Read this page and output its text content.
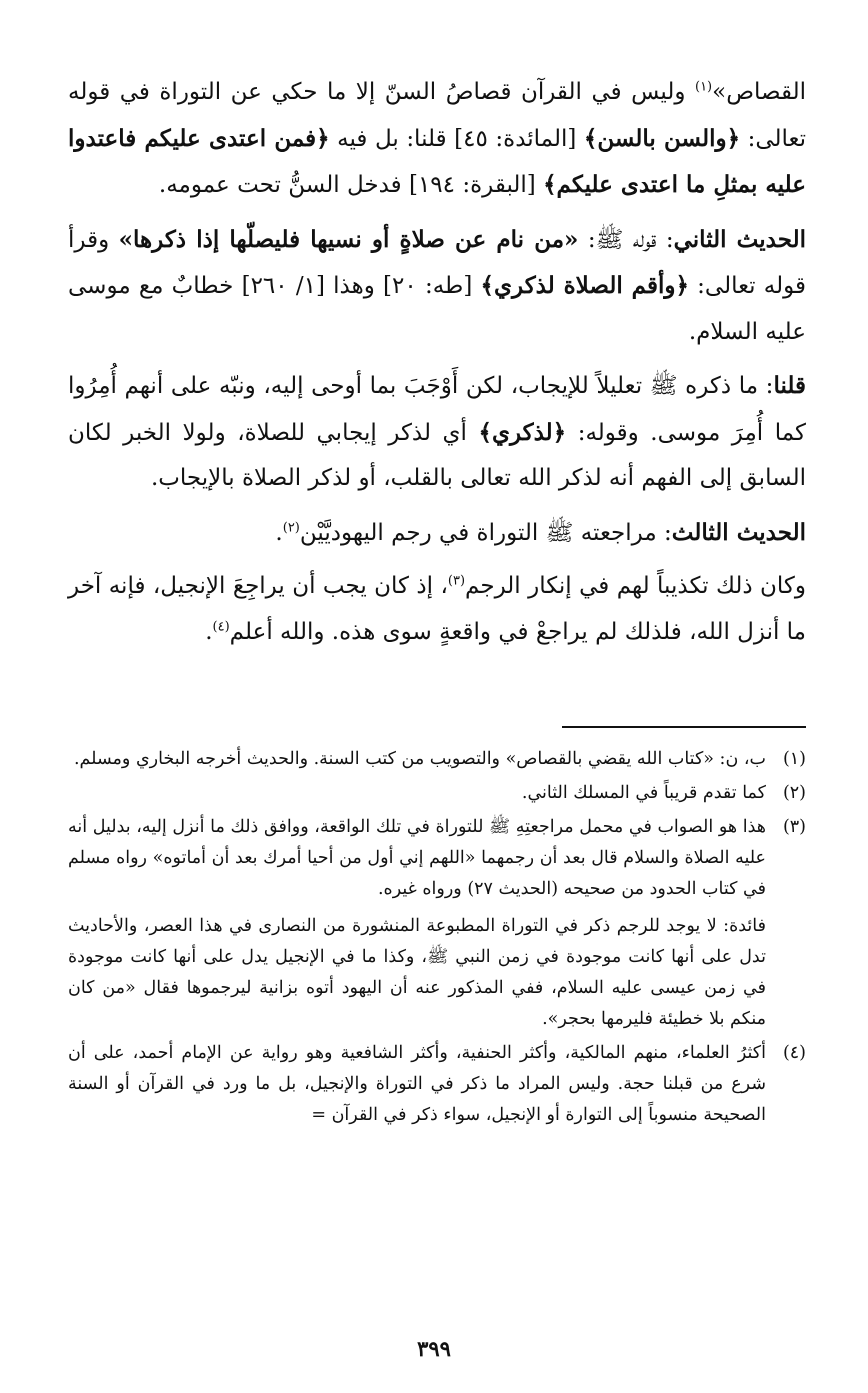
القصاص»$^{(١)}$ وليس في القرآن قصاصُ السنّ إلا ما حكي عن التوراة في قوله تعالى: ﴿والسن بالسن﴾ [المائدة: ٤٥] قلنا: بل فيه ﴿فمن اعتدى عليكم فاعتدوا عليه بمثلِ ما اعتدى عليكم﴾ [البقرة: ١٩٤] فدخل السنُّ تحت عمومه.

الحديث الثاني: قوله ﷺ: «من نام عن صلاةٍ أو نسيها فليصلّها إذا ذكرها» وقرأ قوله تعالى: ﴿وأقم الصلاة لذكري﴾ [طه: ٢٠] وهذا [١/ ٢٦٠] خطابٌ مع موسى عليه السلام.

قلنا: ما ذكره ﷺ تعليلاً للإيجاب، لكن أَوْجَبَ بما أوحى إليه، ونبّه على أنهم أُمِرُوا كما أُمِرَ موسى. وقوله: ﴿لذكري﴾ أي لذكر إيجابي للصلاة، ولولا الخبر لكان السابق إلى الفهم أنه لذكر الله تعالى بالقلب، أو لذكر الصلاة بالإيجاب.

الحديث الثالث: مراجعته ﷺ التوراة في رجم اليهوديَّيْن$^{(٢)}$.

وكان ذلك تكذيباً لهم في إنكار الرجم$^{(٣)}$، إذ كان يجب أن يراجِعَ الإنجيل، فإنه آخر ما أنزل الله، فلذلك لم يراجعْ في واقعةٍ سوى هذه. والله أعلم$^{(٤)}$.

(١)

ب، ن: «كتاب الله يقضي بالقصاص» والتصويب من كتب السنة. والحديث أخرجه البخاري ومسلم.

(٢)

كما تقدم قريباً في المسلك الثاني.

(٣)

هذا هو الصواب في محمل مراجعتِهِ ﷺ للتوراة في تلك الواقعة، ووافق ذلك ما أنزل إليه، بدليل أنه عليه الصلاة والسلام قال بعد أن رجمهما «اللهم إني أول من أحيا أمرك بعد أن أماتوه» رواه مسلم في كتاب الحدود من صحيحه (الحديث ٢٧) ورواه غيره.

فائدة: لا يوجد للرجم ذكر في التوراة المطبوعة المنشورة من النصارى في هذا العصر، والأحاديث تدل على أنها كانت موجودة في زمن النبي ﷺ، وكذا ما في الإنجيل يدل على أنها كانت موجودة في زمن عيسى عليه السلام، ففي المذكور عنه أن اليهود أتوه بزانية ليرجموها فقال «من كان منكم بلا خطيئة فليرمها بحجر».

(٤)

أكثرُ العلماء، منهم المالكية، وأكثر الحنفية، وأكثر الشافعية وهو رواية عن الإمام أحمد، على أن شرع من قبلنا حجة. وليس المراد ما ذكر في التوراة والإنجيل، بل ما ورد في القرآن أو السنة الصحيحة منسوباً إلى التوارة أو الإنجيل، سواء ذكر في القرآن =

٣٩٩
